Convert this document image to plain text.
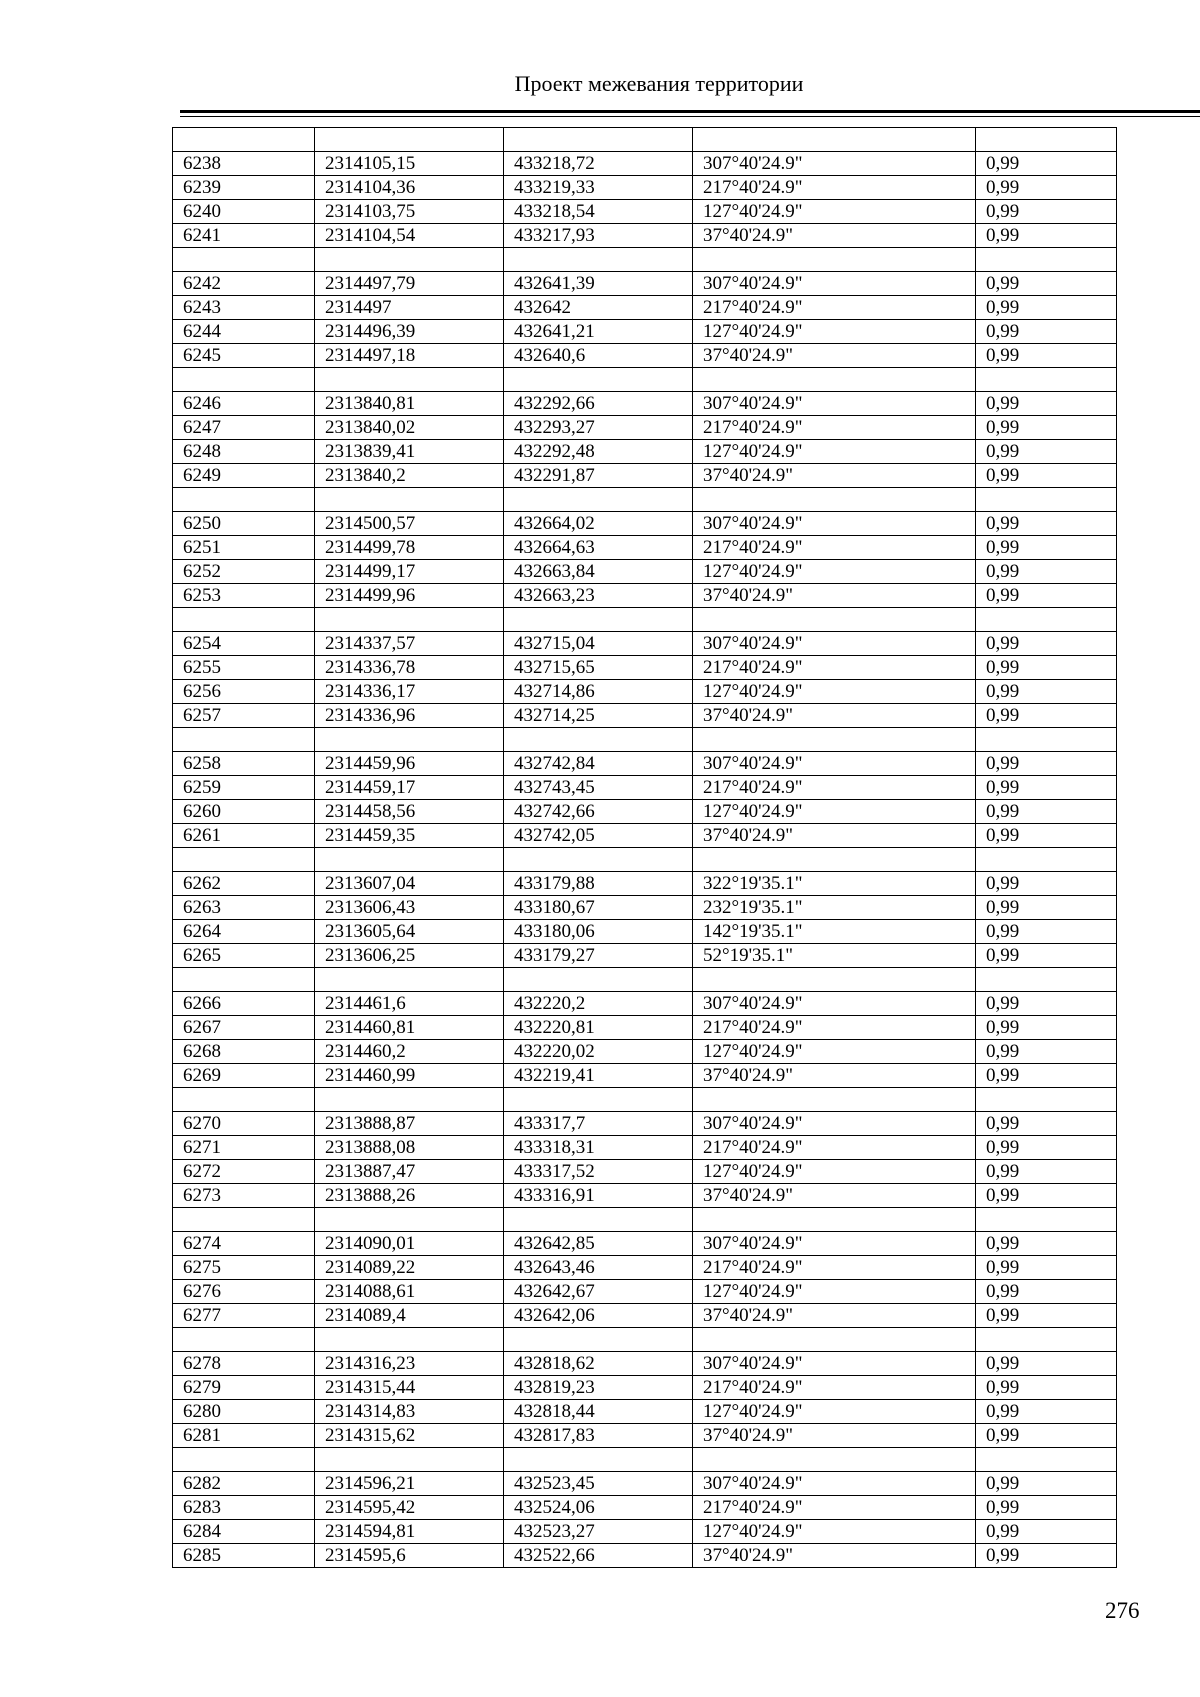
Проект межевания территории

6238	2314105,15	433218,72	307°40'24.9"	0,99
6239	2314104,36	433219,33	217°40'24.9"	0,99
6240	2314103,75	433218,54	127°40'24.9"	0,99
6241	2314104,54	433217,93	37°40'24.9"	0,99

6242	2314497,79	432641,39	307°40'24.9"	0,99
6243	2314497	432642	217°40'24.9"	0,99
6244	2314496,39	432641,21	127°40'24.9"	0,99
6245	2314497,18	432640,6	37°40'24.9"	0,99

6246	2313840,81	432292,66	307°40'24.9"	0,99
6247	2313840,02	432293,27	217°40'24.9"	0,99
6248	2313839,41	432292,48	127°40'24.9"	0,99
6249	2313840,2	432291,87	37°40'24.9"	0,99

6250	2314500,57	432664,02	307°40'24.9"	0,99
6251	2314499,78	432664,63	217°40'24.9"	0,99
6252	2314499,17	432663,84	127°40'24.9"	0,99
6253	2314499,96	432663,23	37°40'24.9"	0,99

6254	2314337,57	432715,04	307°40'24.9"	0,99
6255	2314336,78	432715,65	217°40'24.9"	0,99
6256	2314336,17	432714,86	127°40'24.9"	0,99
6257	2314336,96	432714,25	37°40'24.9"	0,99

6258	2314459,96	432742,84	307°40'24.9"	0,99
6259	2314459,17	432743,45	217°40'24.9"	0,99
6260	2314458,56	432742,66	127°40'24.9"	0,99
6261	2314459,35	432742,05	37°40'24.9"	0,99

6262	2313607,04	433179,88	322°19'35.1"	0,99
6263	2313606,43	433180,67	232°19'35.1"	0,99
6264	2313605,64	433180,06	142°19'35.1"	0,99
6265	2313606,25	433179,27	52°19'35.1"	0,99

6266	2314461,6	432220,2	307°40'24.9"	0,99
6267	2314460,81	432220,81	217°40'24.9"	0,99
6268	2314460,2	432220,02	127°40'24.9"	0,99
6269	2314460,99	432219,41	37°40'24.9"	0,99

6270	2313888,87	433317,7	307°40'24.9"	0,99
6271	2313888,08	433318,31	217°40'24.9"	0,99
6272	2313887,47	433317,52	127°40'24.9"	0,99
6273	2313888,26	433316,91	37°40'24.9"	0,99

6274	2314090,01	432642,85	307°40'24.9"	0,99
6275	2314089,22	432643,46	217°40'24.9"	0,99
6276	2314088,61	432642,67	127°40'24.9"	0,99
6277	2314089,4	432642,06	37°40'24.9"	0,99

6278	2314316,23	432818,62	307°40'24.9"	0,99
6279	2314315,44	432819,23	217°40'24.9"	0,99
6280	2314314,83	432818,44	127°40'24.9"	0,99
6281	2314315,62	432817,83	37°40'24.9"	0,99

6282	2314596,21	432523,45	307°40'24.9"	0,99
6283	2314595,42	432524,06	217°40'24.9"	0,99
6284	2314594,81	432523,27	127°40'24.9"	0,99
6285	2314595,6	432522,66	37°40'24.9"	0,99
276
